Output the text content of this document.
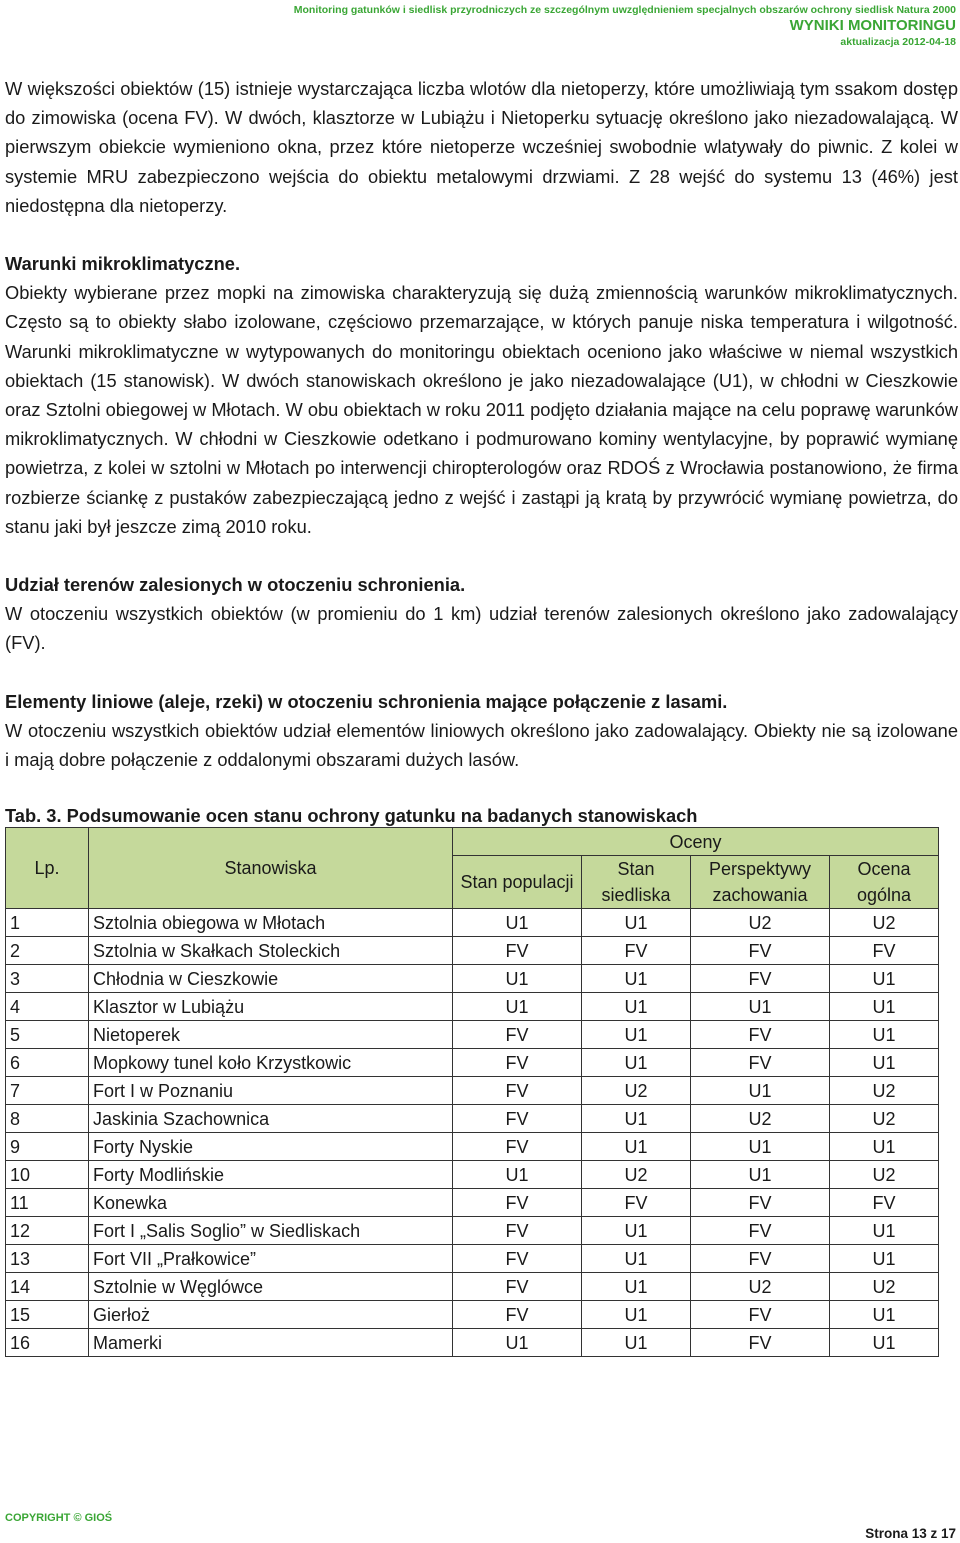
Monitoring gatunków i siedlisk przyrodniczych ze szczególnym uwzględnieniem specjalnych obszarów ochrony siedlisk Natura 2000
WYNIKI MONITORINGU
aktualizacja 2012-04-18

W większości obiektów (15) istnieje wystarczająca liczba wlotów dla nietoperzy, które umożliwiają tym ssakom dostęp do zimowiska (ocena FV). W dwóch, klasztorze w Lubiążu i Nietoperku sytuację określono jako niezadowalającą. W pierwszym obiekcie wymieniono okna, przez które nietoperze wcześniej swobodnie wlatywały do piwnic. Z kolei w systemie MRU zabezpieczono wejścia do obiektu metalowymi drzwiami. Z 28 wejść do systemu 13 (46%) jest niedostępna dla nietoperzy.

Warunki mikroklimatyczne.

Obiekty wybierane przez mopki na zimowiska charakteryzują się dużą zmiennością warunków mikroklimatycznych. Często są to obiekty słabo izolowane, częściowo przemarzające, w których panuje niska temperatura i wilgotność. Warunki mikroklimatyczne w wytypowanych do monitoringu obiektach oceniono jako właściwe w niemal wszystkich obiektach (15 stanowisk). W dwóch stanowiskach określono je jako niezadowalające (U1), w chłodni w Cieszkowie oraz Sztolni obiegowej w Młotach. W obu obiektach w roku 2011 podjęto działania mające na celu poprawę warunków mikroklimatycznych. W chłodni w Cieszkowie odetkano i podmurowano kominy wentylacyjne, by poprawić wymianę powietrza, z kolei w sztolni w Młotach po interwencji chiropterologów oraz RDOŚ z Wrocławia postanowiono, że firma rozbierze ściankę z pustaków zabezpieczającą jedno z wejść i zastąpi ją kratą by przywrócić wymianę powietrza, do stanu jaki był jeszcze zimą 2010 roku.

Udział terenów zalesionych w otoczeniu schronienia.

W otoczeniu wszystkich obiektów (w promieniu do 1 km) udział terenów zalesionych określono jako zadowalający (FV).

Elementy liniowe (aleje, rzeki) w otoczeniu schronienia mające połączenie z lasami.

W otoczeniu wszystkich obiektów udział elementów liniowych określono jako zadowalający. Obiekty nie są izolowane i mają dobre połączenie z oddalonymi obszarami dużych lasów.

Tab. 3. Podsumowanie ocen stanu ochrony gatunku na badanych stanowiskach
Lp.	Stanowiska	Oceny			
		Stan populacji	Stan siedliska	Perspektywy zachowania	Ocena ogólna

1	Sztolnia obiegowa w Młotach	U1	U1	U2	U2
2	Sztolnia w Skałkach Stoleckich	FV	FV	FV	FV
3	Chłodnia w Cieszkowie	U1	U1	FV	U1
4	Klasztor w Lubiążu	U1	U1	U1	U1
5	Nietoperek	FV	U1	FV	U1
6	Mopkowy tunel koło Krzystkowic	FV	U1	FV	U1
7	Fort I w Poznaniu	FV	U2	U1	U2
8	Jaskinia Szachownica	FV	U1	U2	U2
9	Forty Nyskie	FV	U1	U1	U1
10	Forty Modlińskie	U1	U2	U1	U2
11	Konewka	FV	FV	FV	FV
12	Fort I „Salis Soglio” w Siedliskach	FV	U1	FV	U1
13	Fort VII „Prałkowice”	FV	U1	FV	U1
14	Sztolnie w Węglówce	FV	U1	U2	U2
15	Gierłoż	FV	U1	FV	U1
16	Mamerki	U1	U1	FV	U1
COPYRIGHT © GIOŚ
Strona 13 z 17
